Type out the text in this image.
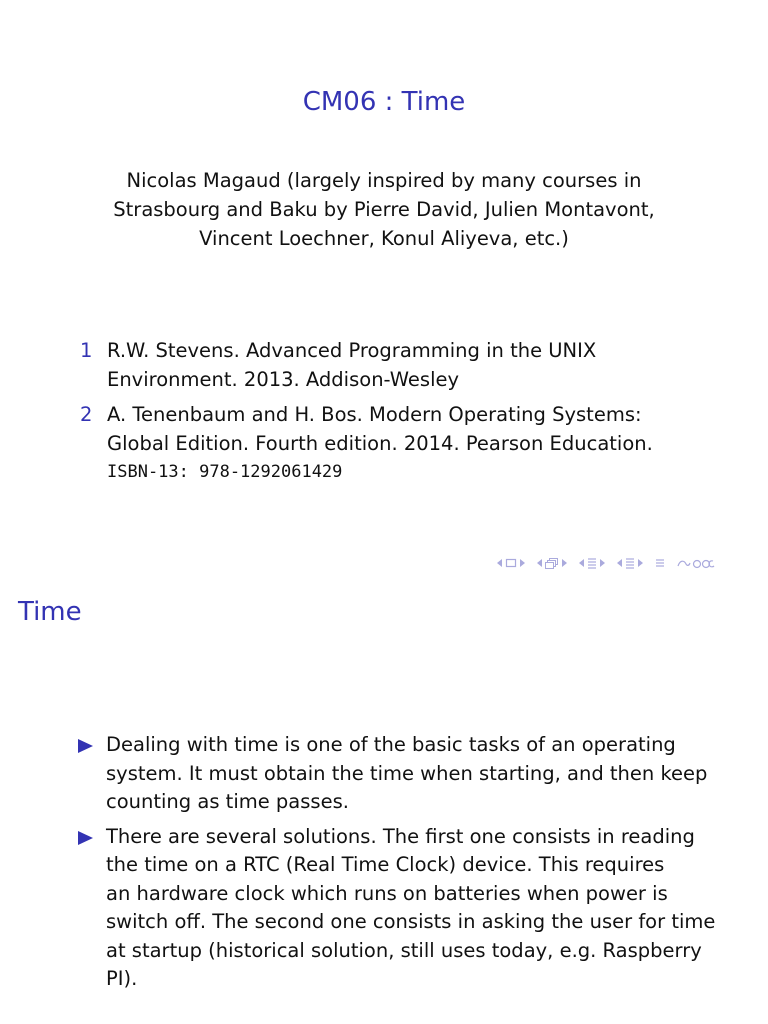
CM06 : Time
Nicolas Magaud (largely inspired by many courses in
Strasbourg and Baku by Pierre David, Julien Montavont,
Vincent Loechner, Konul Aliyeva, etc.)
1 R.W. Stevens. Advanced Programming in the UNIX
Environment. 2013. Addison-Wesley
2 A. Tenenbaum and H. Bos. Modern Operating Systems:
Global Edition. Fourth edition. 2014. Pearson Education.
ISBN-13: 978-1292061429
Time
Dealing with time is one of the basic tasks of an operating
system. It must obtain the time when starting, and then keep
counting as time passes.
There are several solutions. The first one consists in reading
the time on a RTC (Real Time Clock) device. This requires
an hardware clock which runs on batteries when power is
switch off. The second one consists in asking the user for time
at startup (historical solution, still uses today, e.g. Raspberry
PI).
